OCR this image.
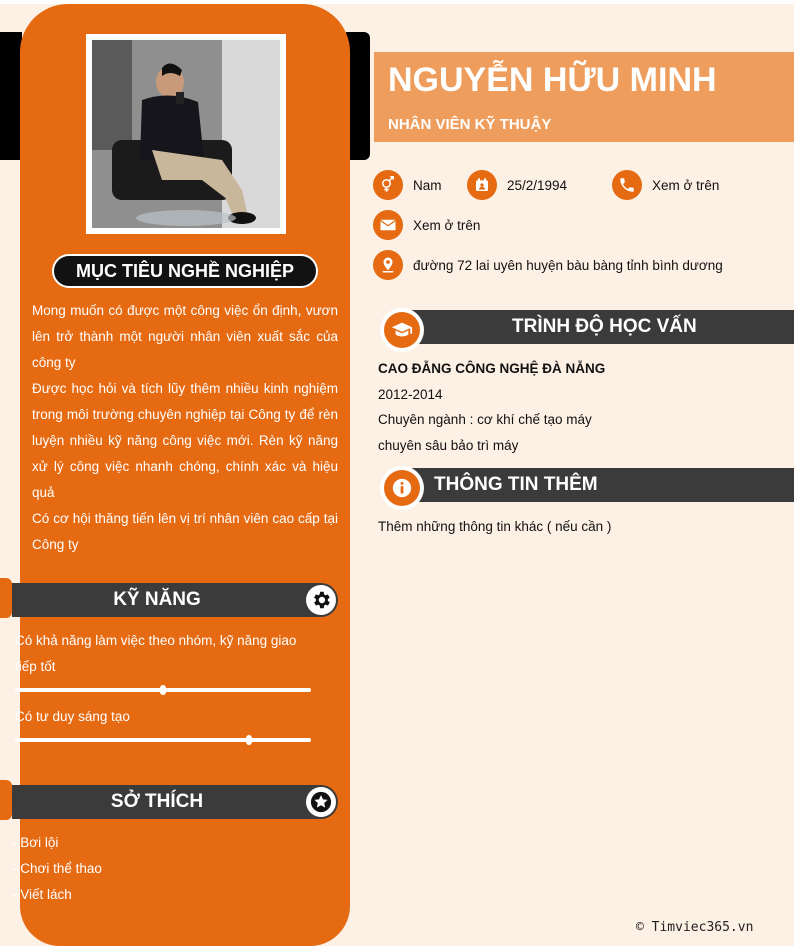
MỤC TIÊU NGHỀ NGHIỆP

Mong muốn có được một công việc ổn định, vươn lên trở thành một người nhân viên xuất sắc của công ty

Được học hỏi và tích lũy thêm nhiều kinh nghiệm trong môi trường chuyên nghiệp tại Công ty để rèn luyện nhiều kỹ năng công việc mới. Rèn kỹ năng xử lý công việc nhanh chóng, chính xác và hiệu quả

Có cơ hội thăng tiến lên vị trí nhân viên cao cấp tại Công ty

KỸ NĂNG
Có khả năng làm việc theo nhóm, kỹ năng giao tiếp tốt
Có tư duy sáng tạo
SỞ THÍCH
- Bơi lội
- Chơi thể thao
- Viết lách
NGUYỄN HỮU MINH
NHÂN VIÊN KỸ THUẬY
Nam	25/2/1994	Xem ở trên
Xem ở trên
đường 72 lai uyên huyện bàu bàng tỉnh bình dương
TRÌNH ĐỘ HỌC VẤN
CAO ĐẴNG CÔNG NGHỆ ĐÀ NẴNG
2012-2014
Chuyên ngành : cơ khí chế tạo máy
chuyên sâu bảo trì máy
THÔNG TIN THÊM
Thêm những thông tin khác ( nếu cần )
© Timviec365.vn
